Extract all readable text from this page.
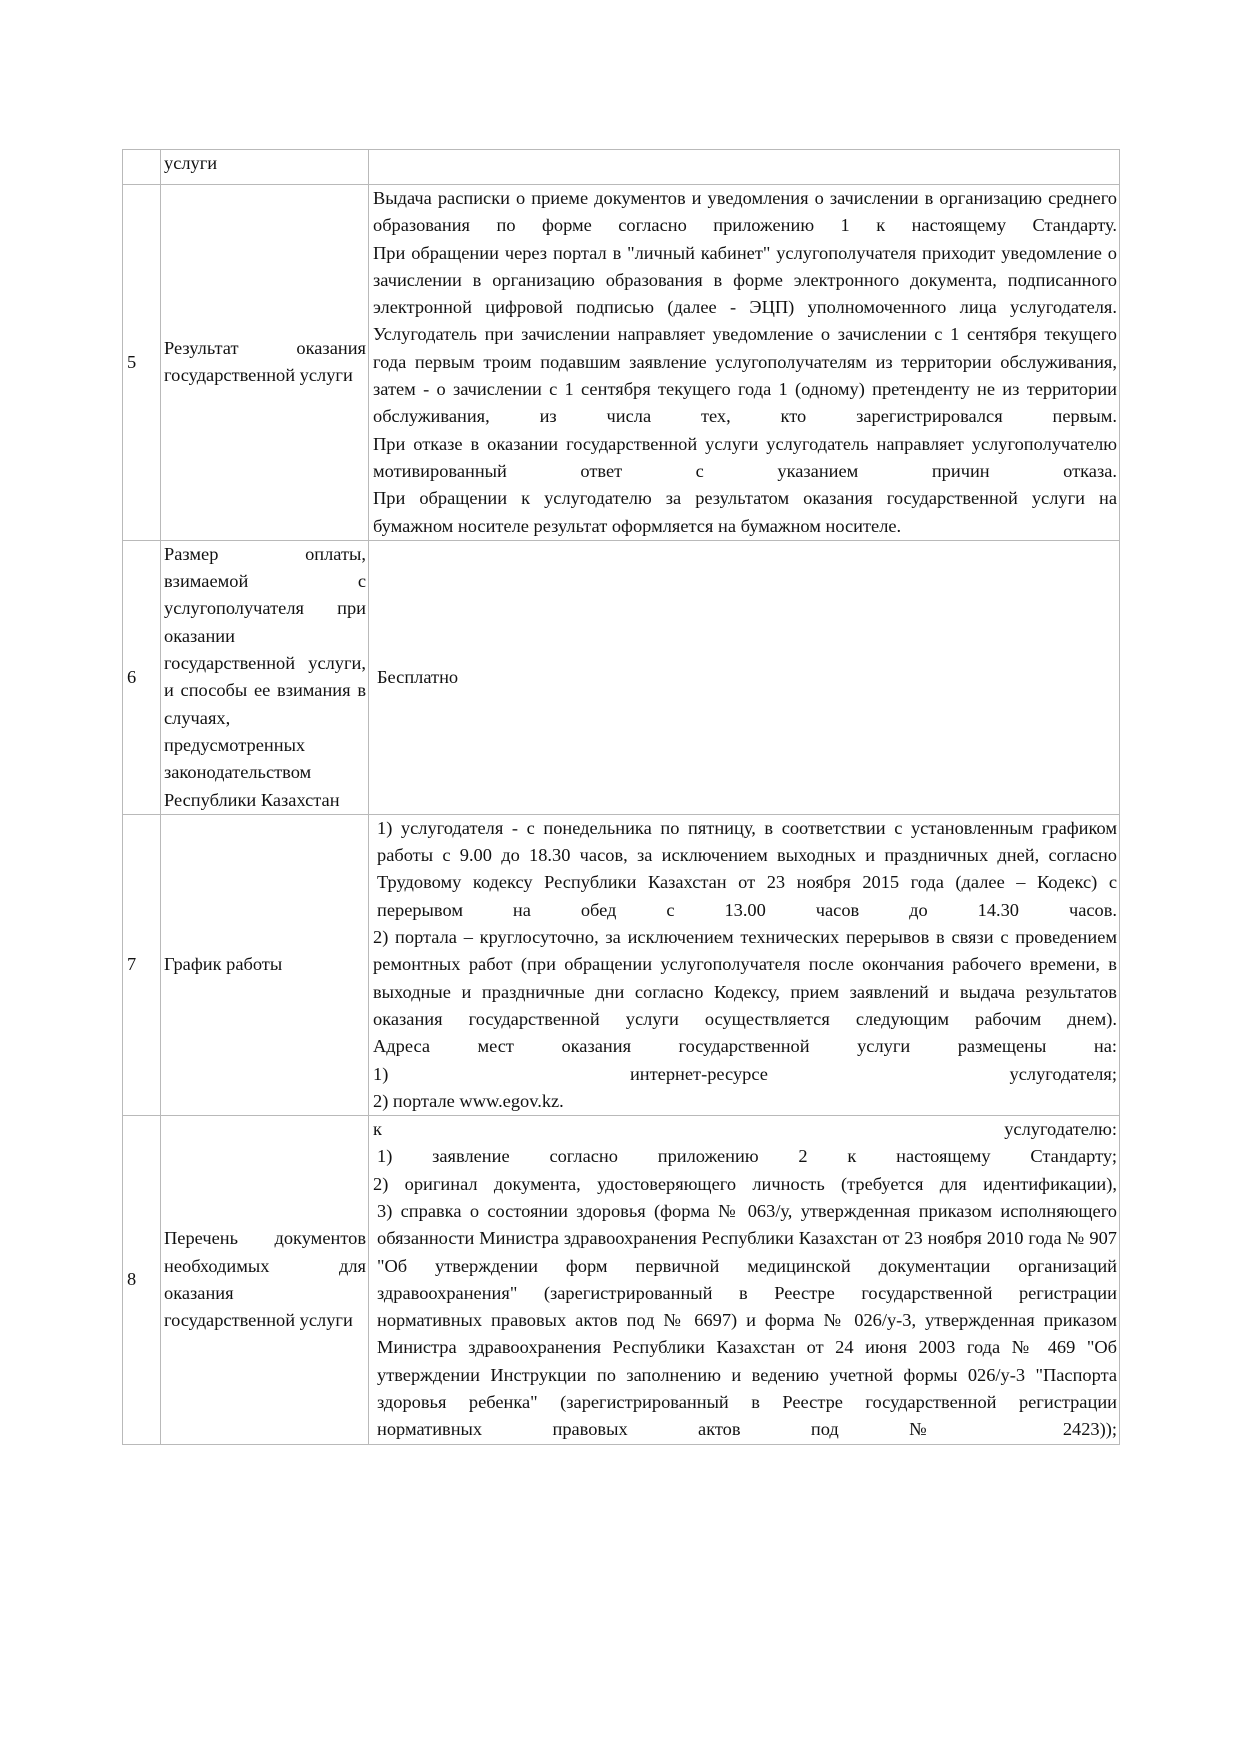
	услуги	
5	Результат оказания государственной услуги	Выдача расписки о приеме документов и уведомления о зачислении в организацию среднего образования по форме согласно приложению 1 к настоящему Стандарту.
При обращении через портал в "личный кабинет" услугополучателя приходит уведомление о зачислении в организацию образования в форме электронного документа, подписанного электронной цифровой подписью (далее - ЭЦП) уполномоченного лица услугодателя.
Услугодатель при зачислении направляет уведомление о зачислении с 1 сентября текущего года первым троим подавшим заявление услугополучателям из территории обслуживания, затем - о зачислении с 1 сентября текущего года 1 (одному) претенденту не из территории обслуживания, из числа тех, кто зарегистрировался первым.
При отказе в оказании государственной услуги услугодатель направляет услугополучателю мотивированный ответ с указанием причин отказа.
При обращении к услугодателю за результатом оказания государственной услуги на бумажном носителе результат оформляется на бумажном носителе.

6	Размер оплаты, взимаемой с услугополучателя при оказании государственной услуги, и способы ее взимания в случаях, предусмотренных законодательством Республики Казахстан	Бесплатно

7	График работы	1) услугодателя - с понедельника по пятницу, в соответствии с установленным графиком работы с 9.00 до 18.30 часов, за исключением выходных и праздничных дней, согласно Трудовому кодексу Республики Казахстан от 23 ноября 2015 года (далее – Кодекс) с перерывом на обед с 13.00 часов до 14.30 часов.
2) портала – круглосуточно, за исключением технических перерывов в связи с проведением ремонтных работ (при обращении услугополучателя после окончания рабочего времени, в выходные и праздничные дни согласно Кодексу, прием заявлений и выдача результатов оказания государственной услуги осуществляется следующим рабочим днем).
Адреса мест оказания государственной услуги размещены на:
1) интернет-ресурсе услугодателя;
2) портале www.egov.kz.

8	Перечень документов необходимых для оказания государственной услуги	к услугодателю:
1) заявление согласно приложению 2 к настоящему Стандарту;
2) оригинал документа, удостоверяющего личность (требуется для идентификации),
3) справка о состоянии здоровья (форма № 063/у, утвержденная приказом исполняющего обязанности Министра здравоохранения Республики Казахстан от 23 ноября 2010 года № 907 "Об утверждении форм первичной медицинской документации организаций здравоохранения" (зарегистрированный в Реестре государственной регистрации нормативных правовых актов под № 6697) и форма № 026/у-3, утвержденная приказом Министра здравоохранения Республики Казахстан от 24 июня 2003 года № 469 "Об утверждении Инструкции по заполнению и ведению учетной формы 026/у-3 "Паспорта здоровья ребенка" (зарегистрированный в Реестре государственной регистрации нормативных правовых актов под № 2423));
